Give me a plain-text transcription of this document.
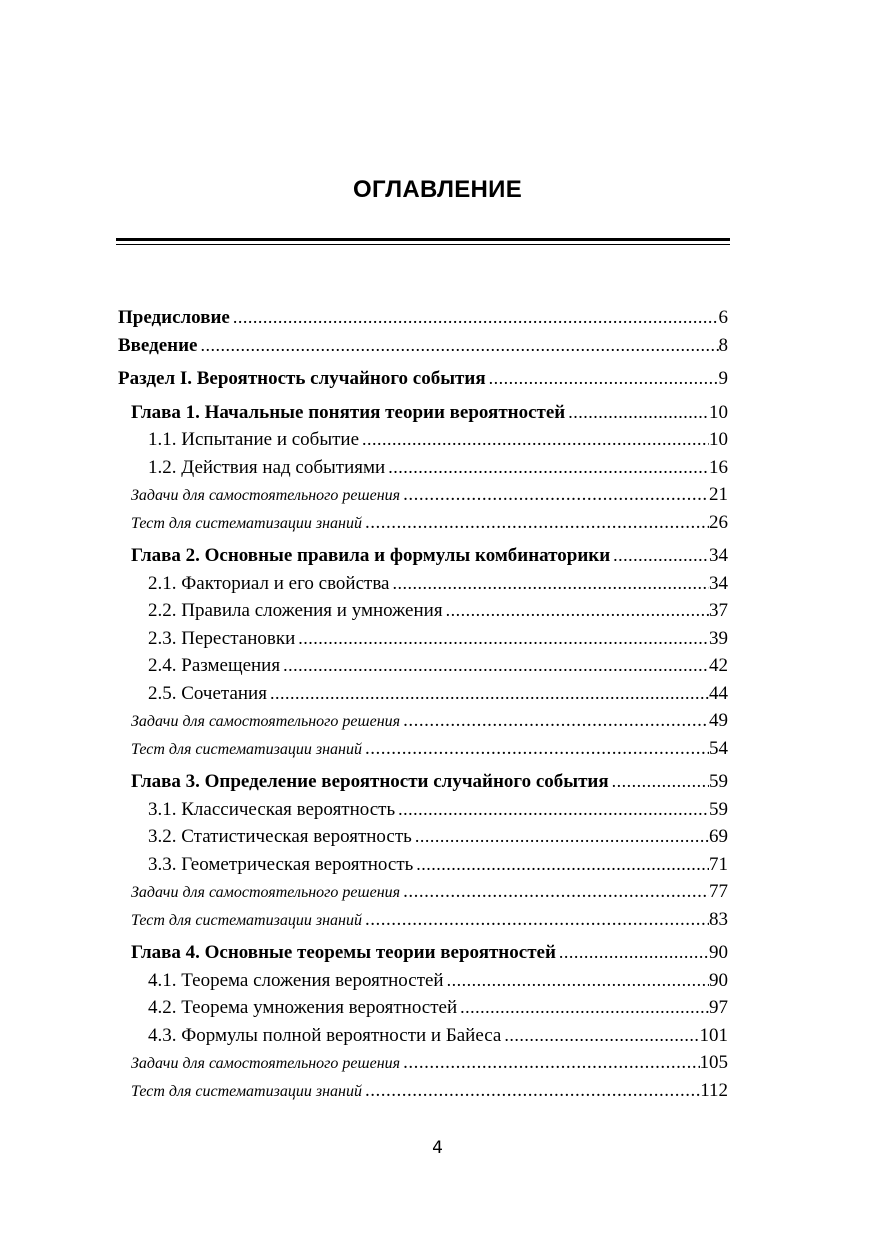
ОГЛАВЛЕНИЕ
Предисловие .....	6
Введение .....	8
Раздел I. Вероятность случайного события .....	9
Глава 1. Начальные понятия теории вероятностей .....	10
1.1. Испытание и событие .....	10
1.2. Действия над событиями .....	16
Задачи для самостоятельного решения .....	21
Тест для систематизации знаний .....	26
Глава 2. Основные правила и формулы комбинаторики .....	34
2.1. Факториал и его свойства .....	34
2.2. Правила сложения и умножения .....	37
2.3. Перестановки .....	39
2.4. Размещения .....	42
2.5. Сочетания .....	44
Задачи для самостоятельного решения .....	49
Тест для систематизации знаний .....	54
Глава 3. Определение вероятности случайного события .....	59
3.1. Классическая вероятность .....	59
3.2. Статистическая вероятность .....	69
3.3. Геометрическая вероятность .....	71
Задачи для самостоятельного решения .....	77
Тест для систематизации знаний .....	83
Глава 4. Основные теоремы теории вероятностей .....	90
4.1. Теорема сложения вероятностей .....	90
4.2. Теорема умножения вероятностей .....	97
4.3. Формулы полной вероятности и Байеса .....	101
Задачи для самостоятельного решения .....	105
Тест для систематизации знаний .....	112
4
